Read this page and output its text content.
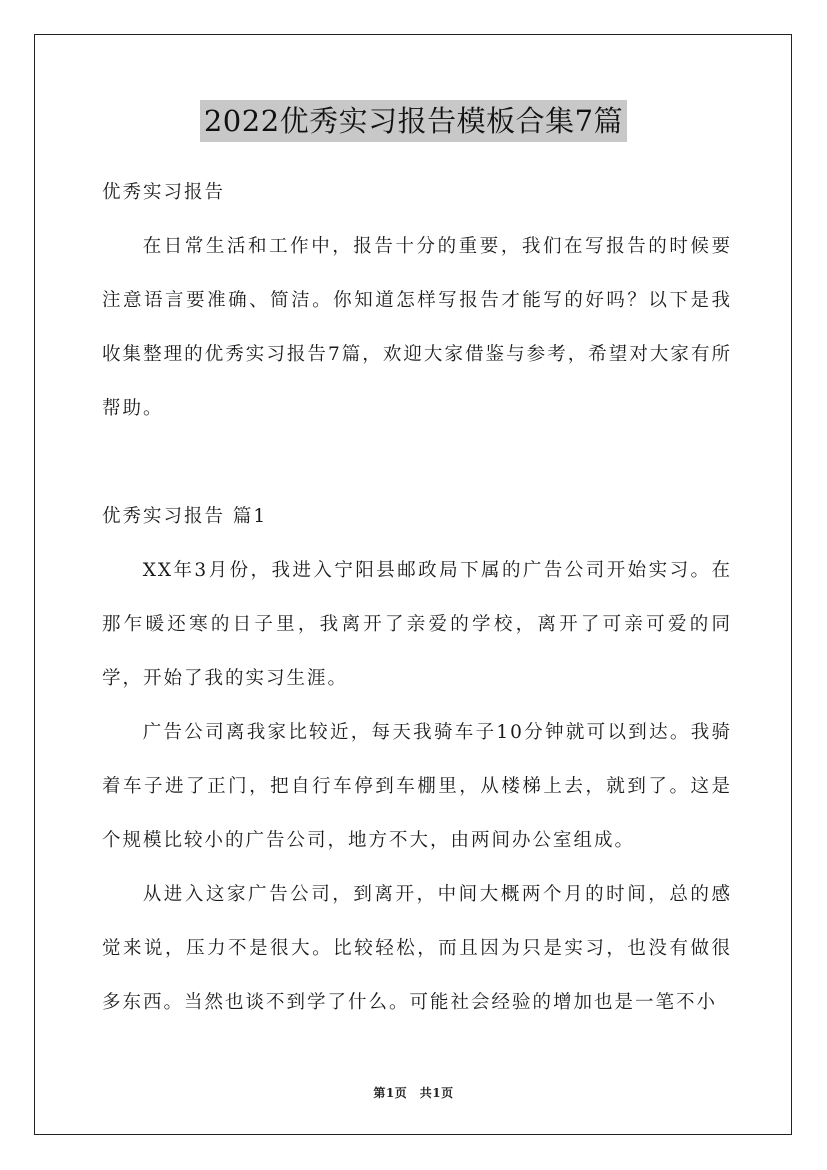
2022优秀实习报告模板合集7篇

优秀实习报告

在日常生活和工作中，报告十分的重要，我们在写报告的时候要注意语言要准确、简洁。你知道怎样写报告才能写的好吗？以下是我收集整理的优秀实习报告7篇，欢迎大家借鉴与参考，希望对大家有所帮助。

优秀实习报告 篇1

XX年3月份，我进入宁阳县邮政局下属的广告公司开始实习。在那乍暖还寒的日子里，我离开了亲爱的学校，离开了可亲可爱的同学，开始了我的实习生涯。

广告公司离我家比较近，每天我骑车子10分钟就可以到达。我骑着车子进了正门，把自行车停到车棚里，从楼梯上去，就到了。这是个规模比较小的广告公司，地方不大，由两间办公室组成。

从进入这家广告公司，到离开，中间大概两个月的时间，总的感觉来说，压力不是很大。比较轻松，而且因为只是实习，也没有做很多东西。当然也谈不到学了什么。可能社会经验的增加也是一笔不小

第1页　共1页
